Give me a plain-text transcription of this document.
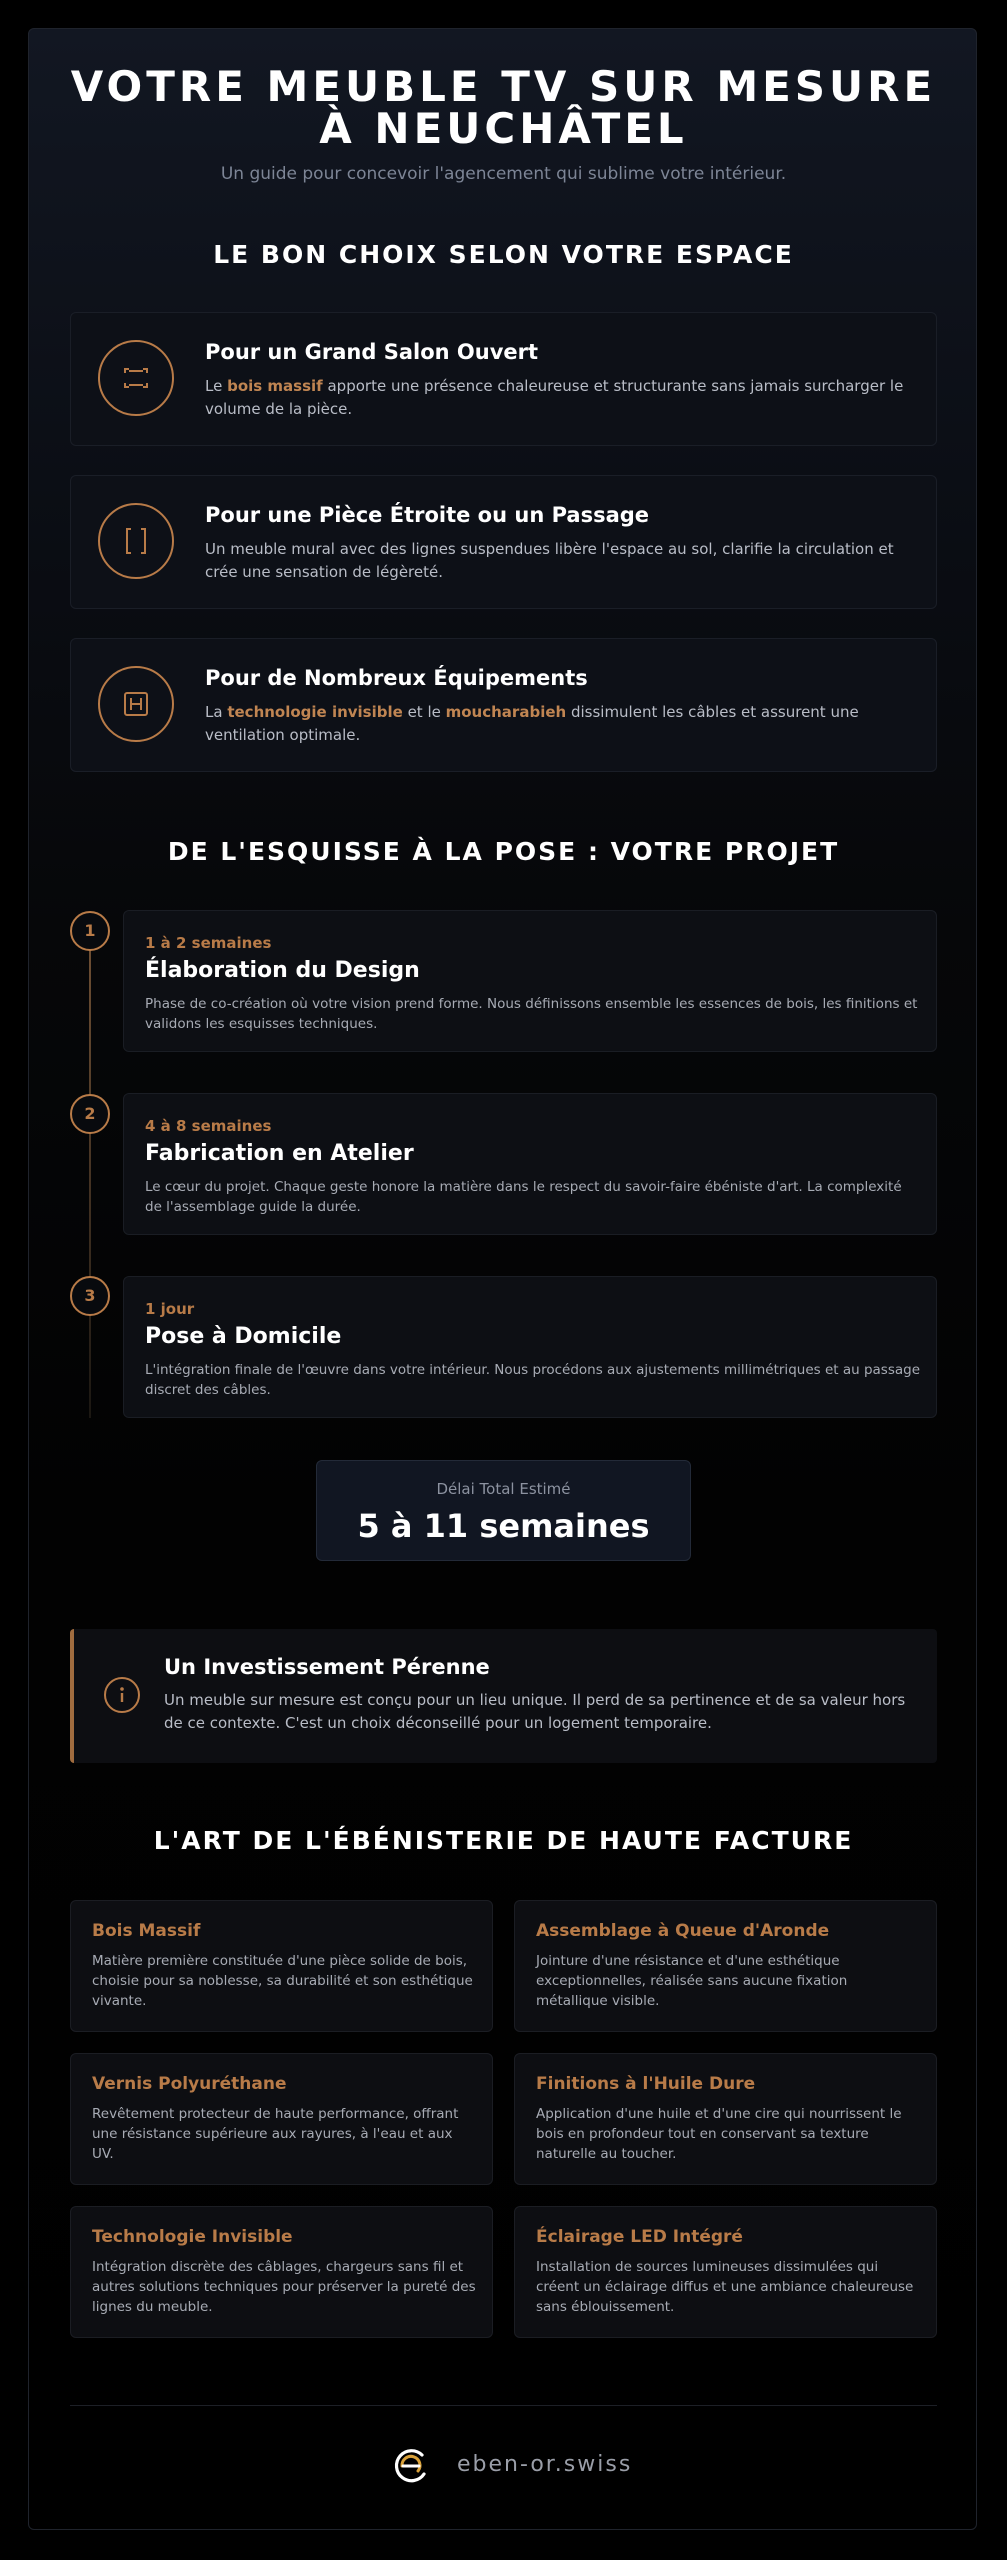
VOTRE MEUBLE TV SUR MESURE
À NEUCHÂTEL

Un guide pour concevoir l'agencement qui sublime votre intérieur.

LE BON CHOIX SELON VOTRE ESPACE
Pour un Grand Salon Ouvert

Le bois massif apporte une présence chaleureuse et structurante sans jamais surcharger le volume de la pièce.

Pour une Pièce Étroite ou un Passage

Un meuble mural avec des lignes suspendues libère l'espace au sol, clarifie la circulation et crée une sensation de légèreté.

Pour de Nombreux Équipements

La technologie invisible et le moucharabieh dissimulent les câbles et assurent une ventilation optimale.

DE L'ESQUISSE À LA POSE : VOTRE PROJET
1
1 à 2 semaines
Élaboration du Design
Phase de co-création où votre vision prend forme. Nous définissons ensemble les essences de bois, les finitions et validons les esquisses techniques.
2
4 à 8 semaines
Fabrication en Atelier
Le cœur du projet. Chaque geste honore la matière dans le respect du savoir-faire ébéniste d'art. La complexité de l'assemblage guide la durée.
3
1 jour
Pose à Domicile
L'intégration finale de l'œuvre dans votre intérieur. Nous procédons aux ajustements millimétriques et au passage discret des câbles.
Délai Total Estimé
5 à 11 semaines
Un Investissement Pérenne
Un meuble sur mesure est conçu pour un lieu unique. Il perd de sa pertinence et de sa valeur hors de ce contexte. C'est un choix déconseillé pour un logement temporaire.
L'ART DE L'ÉBÉNISTERIE DE HAUTE FACTURE
Bois Massif
Matière première constituée d'une pièce solide de bois, choisie pour sa noblesse, sa durabilité et son esthétique vivante.
Assemblage à Queue d'Aronde
Jointure d'une résistance et d'une esthétique exceptionnelles, réalisée sans aucune fixation métallique visible.
Vernis Polyuréthane
Revêtement protecteur de haute performance, offrant une résistance supérieure aux rayures, à l'eau et aux UV.
Finitions à l'Huile Dure
Application d'une huile et d'une cire qui nourrissent le bois en profondeur tout en conservant sa texture naturelle au toucher.
Technologie Invisible
Intégration discrète des câblages, chargeurs sans fil et autres solutions techniques pour préserver la pureté des lignes du meuble.
Éclairage LED Intégré
Installation de sources lumineuses dissimulées qui créent un éclairage diffus et une ambiance chaleureuse sans éblouissement.
eben-or.swiss
